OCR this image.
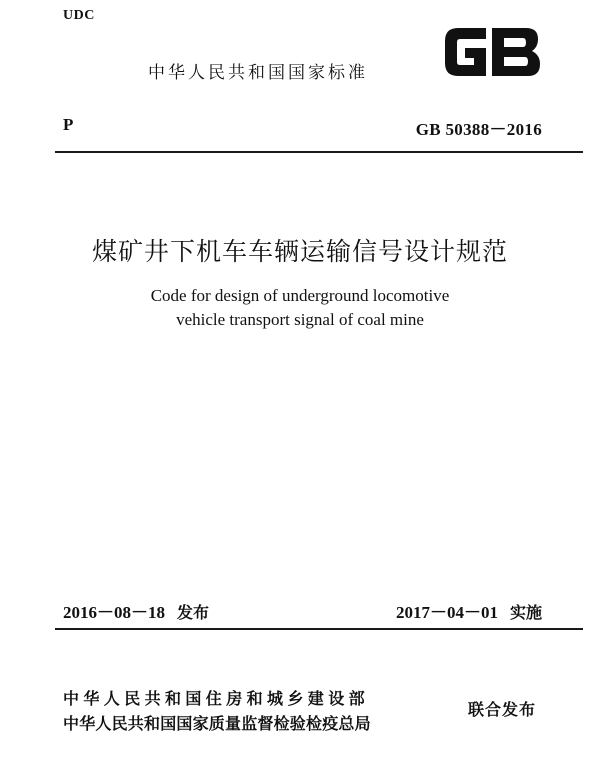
UDC
中华人民共和国国家标准
P	GB 50388－2016
煤矿井下机车车辆运输信号设计规范
Code for design of underground locomotive
vehicle transport signal of coal mine
2016－08－18 发布	2017－04－01 实施
中华人民共和国住房和城乡建设部
中华人民共和国国家质量监督检验检疫总局
联合发布
